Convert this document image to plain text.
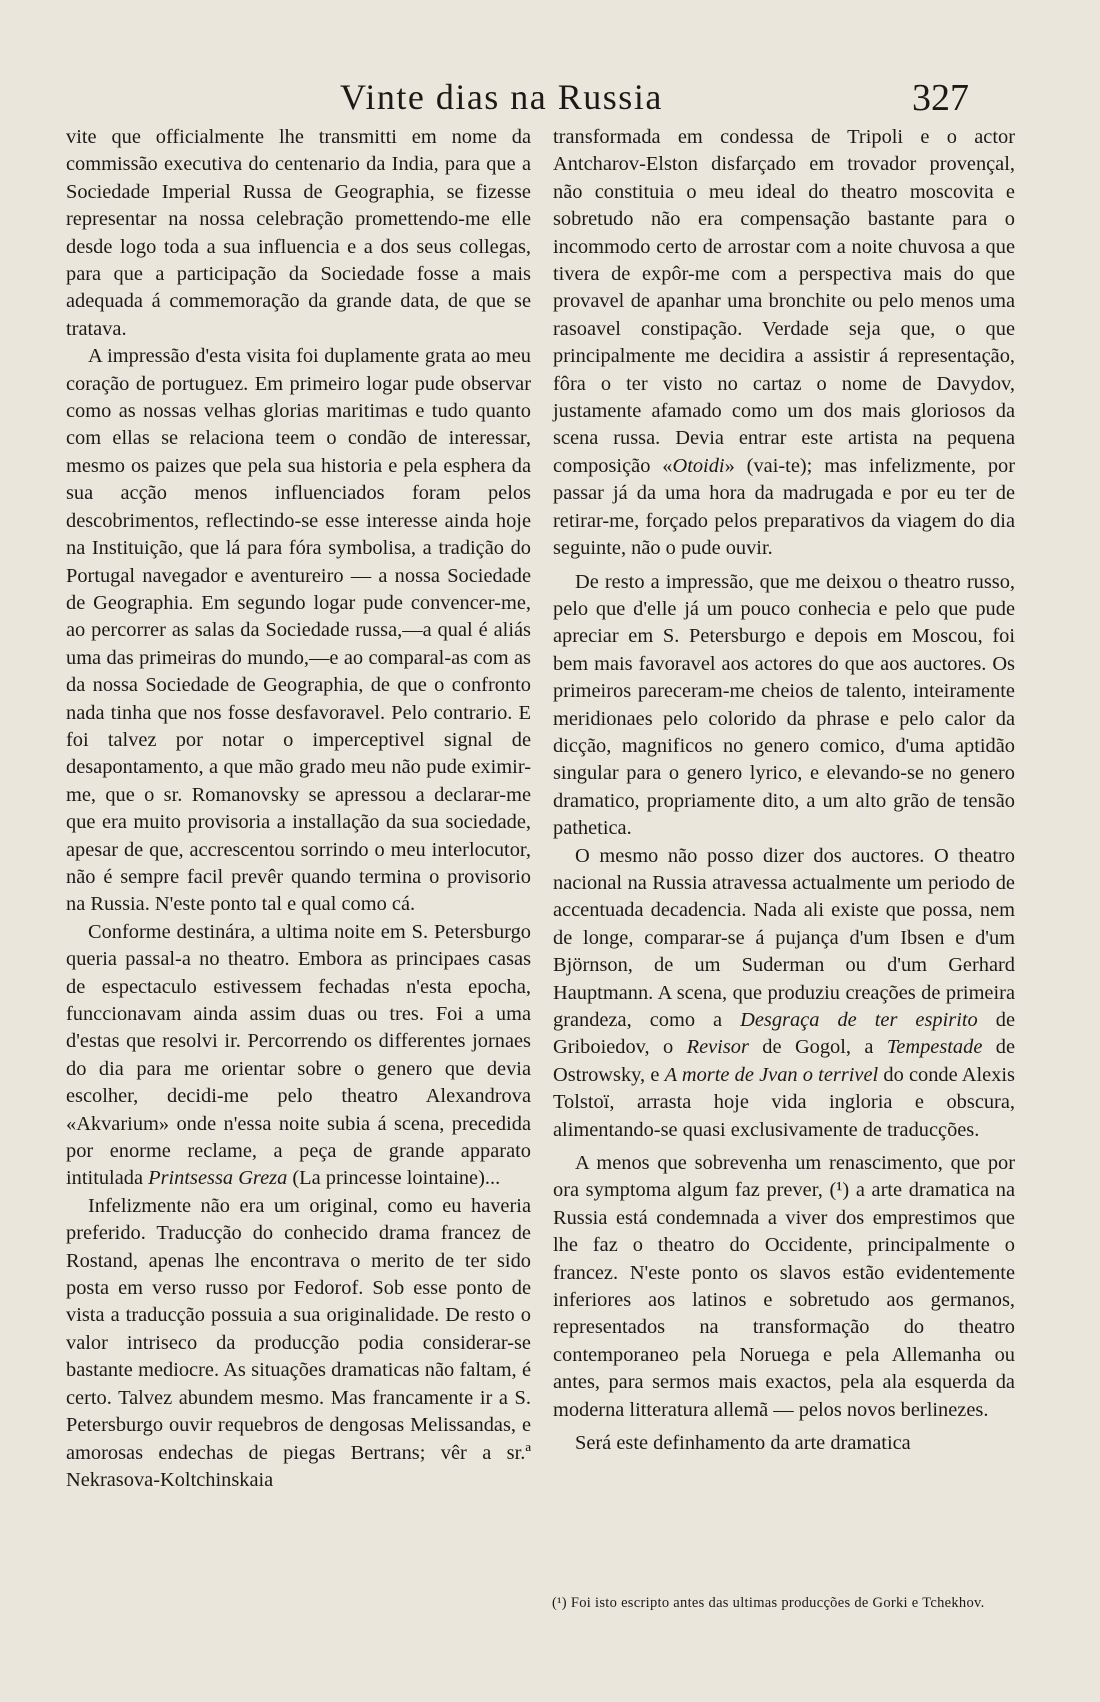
Vinte dias na Russia	327

vite que officialmente lhe transmitti em nome da commissão executiva do centenario da India, para que a Sociedade Imperial Russa de Geographia, se fizesse representar na nossa celebração promettendo-me elle desde logo toda a sua influencia e a dos seus collegas, para que a participação da Sociedade fosse a mais adequada á commemoração da grande data, de que se tratava.

A impressão d'esta visita foi duplamente grata ao meu coração de portuguez. Em primeiro logar pude observar como as nossas velhas glorias maritimas e tudo quanto com ellas se relaciona teem o condão de interessar, mesmo os paizes que pela sua historia e pela esphera da sua acção menos influenciados foram pelos descobrimentos, reflectindo-se esse interesse ainda hoje na Instituição, que lá para fóra symbolisa, a tradição do Portugal navegador e aventureiro — a nossa Sociedade de Geographia. Em segundo logar pude convencer-me, ao percorrer as salas da Sociedade russa,—a qual é aliás uma das primeiras do mundo,—e ao comparal-as com as da nossa Sociedade de Geographia, de que o confronto nada tinha que nos fosse desfavoravel. Pelo contrario. E foi talvez por notar o imperceptivel signal de desapontamento, a que mão grado meu não pude eximir-me, que o sr. Romanovsky se apressou a declarar-me que era muito provisoria a installação da sua sociedade, apesar de que, accrescentou sorrindo o meu interlocutor, não é sempre facil prevêr quando termina o provisorio na Russia. N'este ponto tal e qual como cá.

Conforme destinára, a ultima noite em S. Petersburgo queria passal-a no theatro. Embora as principaes casas de espectaculo estivessem fechadas n'esta epocha, funccionavam ainda assim duas ou tres. Foi a uma d'estas que resolvi ir. Percorrendo os differentes jornaes do dia para me orientar sobre o genero que devia escolher, decidi-me pelo theatro Alexandrova «Akvarium» onde n'essa noite subia á scena, precedida por enorme reclame, a peça de grande apparato intitulada Printsessa Greza (La princesse lointaine)...

Infelizmente não era um original, como eu haveria preferido. Traducção do conhecido drama francez de Rostand, apenas lhe encontrava o merito de ter sido posta em verso russo por Fedorof. Sob esse ponto de vista a traducção possuia a sua originalidade. De resto o valor intriseco da producção podia considerar-se bastante mediocre. As situações dramaticas não faltam, é certo. Talvez abundem mesmo. Mas francamente ir a S. Petersburgo ouvir requebros de dengosas Melissandas, e amorosas endechas de piegas Bertrans; vêr a sr.ª Nekrasova-Koltchinskaia

transformada em condessa de Tripoli e o actor Antcharov-Elston disfarçado em trovador provençal, não constituia o meu ideal do theatro moscovita e sobretudo não era compensação bastante para o incommodo certo de arrostar com a noite chuvosa a que tivera de expôr-me com a perspectiva mais do que provavel de apanhar uma bronchite ou pelo menos uma rasoavel constipação. Verdade seja que, o que principalmente me decidira a assistir á representação, fôra o ter visto no cartaz o nome de Davydov, justamente afamado como um dos mais gloriosos da scena russa. Devia entrar este artista na pequena composição «Otoidi» (vai-te); mas infelizmente, por passar já da uma hora da madrugada e por eu ter de retirar-me, forçado pelos preparativos da viagem do dia seguinte, não o pude ouvir.

De resto a impressão, que me deixou o theatro russo, pelo que d'elle já um pouco conhecia e pelo que pude apreciar em S. Petersburgo e depois em Moscou, foi bem mais favoravel aos actores do que aos auctores. Os primeiros pareceram-me cheios de talento, inteiramente meridionaes pelo colorido da phrase e pelo calor da dicção, magnificos no genero comico, d'uma aptidão singular para o genero lyrico, e elevando-se no genero dramatico, propriamente dito, a um alto grão de tensão pathetica.

O mesmo não posso dizer dos auctores. O theatro nacional na Russia atravessa actualmente um periodo de accentuada decadencia. Nada ali existe que possa, nem de longe, comparar-se á pujança d'um Ibsen e d'um Björnson, de um Suderman ou d'um Gerhard Hauptmann. A scena, que produziu creações de primeira grandeza, como a Desgraça de ter espirito de Griboiedov, o Revisor de Gogol, a Tempestade de Ostrowsky, e A morte de Jvan o terrivel do conde Alexis Tolstoï, arrasta hoje vida ingloria e obscura, alimentando-se quasi exclusivamente de traducções.

A menos que sobrevenha um renascimento, que por ora symptoma algum faz prever, (¹) a arte dramatica na Russia está condemnada a viver dos emprestimos que lhe faz o theatro do Occidente, principalmente o francez. N'este ponto os slavos estão evidentemente inferiores aos latinos e sobretudo aos germanos, representados na transformação do theatro contemporaneo pela Noruega e pela Allemanha ou antes, para sermos mais exactos, pela ala esquerda da moderna litteratura allemã — pelos novos berlinezes.

Será este definhamento da arte dramatica

(¹) Foi isto escripto antes das ultimas producções de Gorki e Tchekhov.
